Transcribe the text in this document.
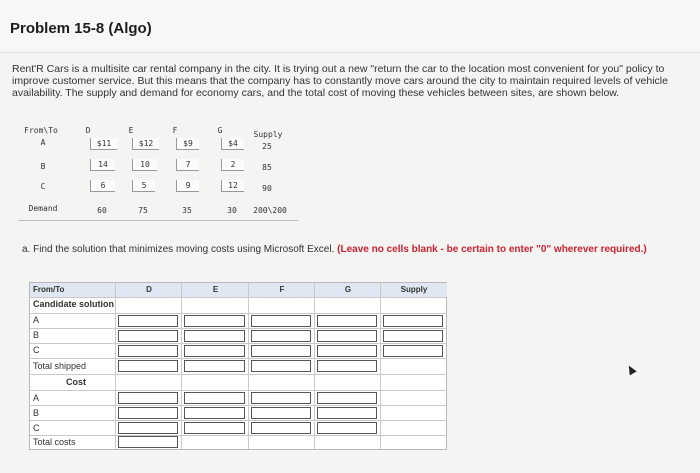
Problem 15-8 (Algo)
Rent'R Cars is a multisite car rental company in the city. It is trying out a new "return the car to the location most convenient for you" policy to improve customer service. But this means that the company has to constantly move cars around the city to maintain required levels of vehicle availability. The supply and demand for economy cars, and the total cost of moving these vehicles between sites, are shown below.
From\To	D	E	F	G	Supply
A	$11	$12	$9	$4	25
B	14	10	7	2	85
C	6	5	9	12	90
Demand	60	75	35	30	200\200
a. Find the solution that minimizes moving costs using Microsoft Excel. (Leave no cells blank - be certain to enter "0" wherever required.)
From/To	D	E	F	G	Supply
Candidate solution
A
B
C
Total shipped
Cost
A
B
C
Total costs
